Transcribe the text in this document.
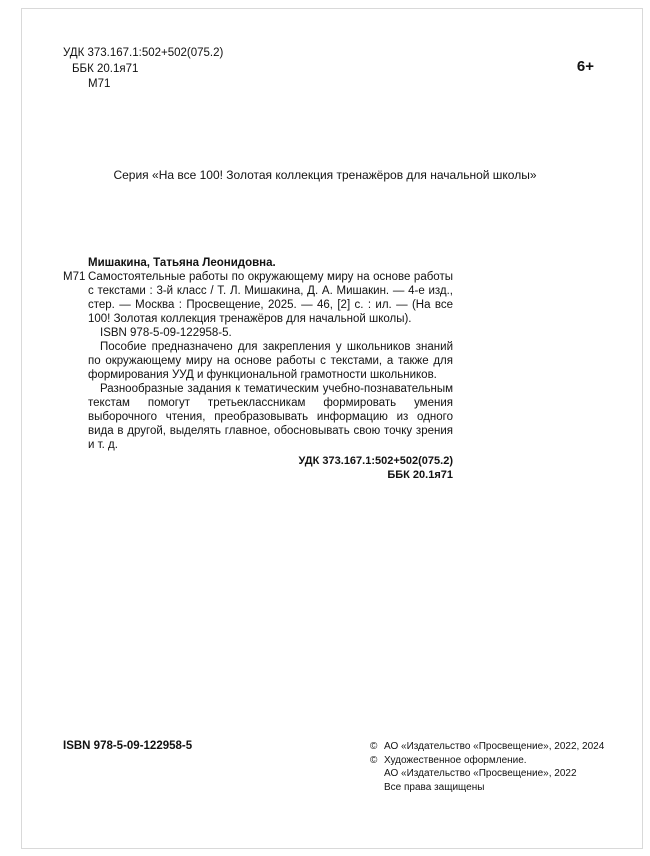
УДК 373.167.1:502+502(075.2)
ББК 20.1я71
М71
6+
Серия «На все 100! Золотая коллекция тренажёров для начальной школы»
Мишакина, Татьяна Леонидовна.
М71 Самостоятельные работы по окружающему миру на основе работы с текстами : 3-й класс / Т. Л. Мишакина, Д. А. Мишакин. — 4-е изд., стер. — Москва : Просвещение, 2025. — 46, [2] с. : ил. — (На все 100! Золотая коллекция тренажёров для начальной школы).

ISBN 978-5-09-122958-5.

Пособие предназначено для закрепления у школьников знаний по окружающему миру на основе работы с текстами, а также для формирования УУД и функциональной грамотности школьников.

Разнообразные задания к тематическим учебно-познавательным текстам помогут третьеклассникам формировать умения выборочного чтения, преобразовывать информацию из одного вида в другой, выделять главное, обосновывать свою точку зрения и т. д.

УДК 373.167.1:502+502(075.2)
ББК 20.1я71
ISBN 978-5-09-122958-5	© АО «Издательство «Просвещение», 2022, 2024
© Художественное оформление.
АО «Издательство «Просвещение», 2022
Все права защищены
